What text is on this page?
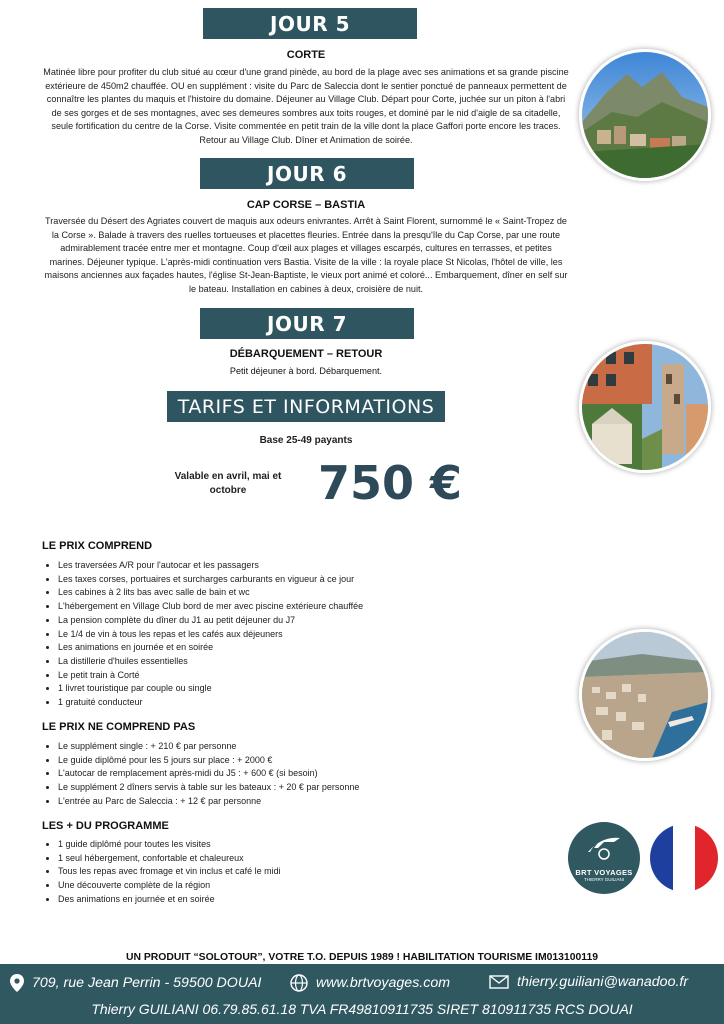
JOUR 5
CORTE
Matinée libre pour profiter du club situé au cœur d'une grand pinède, au bord de la plage avec ses animations et sa grande piscine extérieure de 450m2 chauffée. OU en supplément : visite du Parc de Saleccia dont le sentier ponctué de panneaux permettent de connaître les plantes du maquis et l'histoire du domaine. Déjeuner au Village Club. Départ pour Corte, juchée sur un piton à l'abri de ses gorges et de ses montagnes, avec ses demeures sombres aux toits rouges, et dominé par le nid d'aigle de sa citadelle, seule fortification du centre de la Corse. Visite commentée en petit train de la ville dont la place Gaffori porte encore les traces. Retour au Village Club. Dîner et Animation de soirée.
JOUR 6
CAP CORSE – BASTIA
Traversée du Désert des Agriates couvert de maquis aux odeurs enivrantes. Arrêt à Saint Florent, surnommé le « Saint-Tropez de la Corse ». Balade à travers des ruelles tortueuses et placettes fleuries. Entrée dans la presqu'île du Cap Corse, par une route admirablement tracée entre mer et montagne. Coup d'œil aux plages et villages escarpés, cultures en terrasses, et petites marines. Déjeuner typique. L'après-midi continuation vers Bastia. Visite de la ville : la royale place St Nicolas, l'hôtel de ville, les maisons anciennes aux façades hautes, l'église St-Jean-Baptiste, le vieux port animé et coloré... Embarquement, dîner en self sur le bateau. Installation en cabines à deux, croisière de nuit.
JOUR 7
DÉBARQUEMENT – RETOUR
Petit déjeuner à bord. Débarquement.
TARIFS ET INFORMATIONS
Base 25-49 payants
Valable en avril, mai et octobre	750 €
LE PRIX COMPREND
• Les traversées A/R pour l'autocar et les passagers
• Les taxes corses, portuaires et surcharges carburants en vigueur à ce jour
• Les cabines à 2 lits bas avec salle de bain et wc
• L'hébergement en Village Club bord de mer avec piscine extérieure chauffée
• La pension complète du dîner du J1 au petit déjeuner du J7
• Le 1/4 de vin à tous les repas et les cafés aux déjeuners
• Les animations en journée et en soirée
• La distillerie d'huiles essentielles
• Le petit train à Corté
• 1 livret touristique par couple ou single
• 1 gratuité conducteur
LE PRIX NE COMPREND PAS
• Le supplément single : + 210 € par personne
• Le guide diplômé pour les 5 jours sur place : + 2000 €
• L'autocar de remplacement après-midi du J5 : + 600 € (si besoin)
• Le supplément 2 dîners servis à table sur les bateaux : + 20 € par personne
• L'entrée au Parc de Saleccia : + 12 € par personne
LES + DU PROGRAMME
• 1 guide diplômé pour toutes les visites
• 1 seul hébergement, confortable et chaleureux
• Tous les repas avec fromage et vin inclus et café le midi
• Une découverte complète de la région
• Des animations en journée et en soirée
BRT VOYAGES
THIERRY GUILIANI
UN PRODUIT “SOLOTOUR”, VOTRE T.O. DEPUIS 1989 ! HABILITATION TOURISME IM013100119
709, rue Jean Perrin - 59500 DOUAI	www.brtvoyages.com	thierry.guiliani@wanadoo.fr
Thierry GUILIANI 06.79.85.61.18 TVA FR49810911735 SIRET 810911735 RCS DOUAI
